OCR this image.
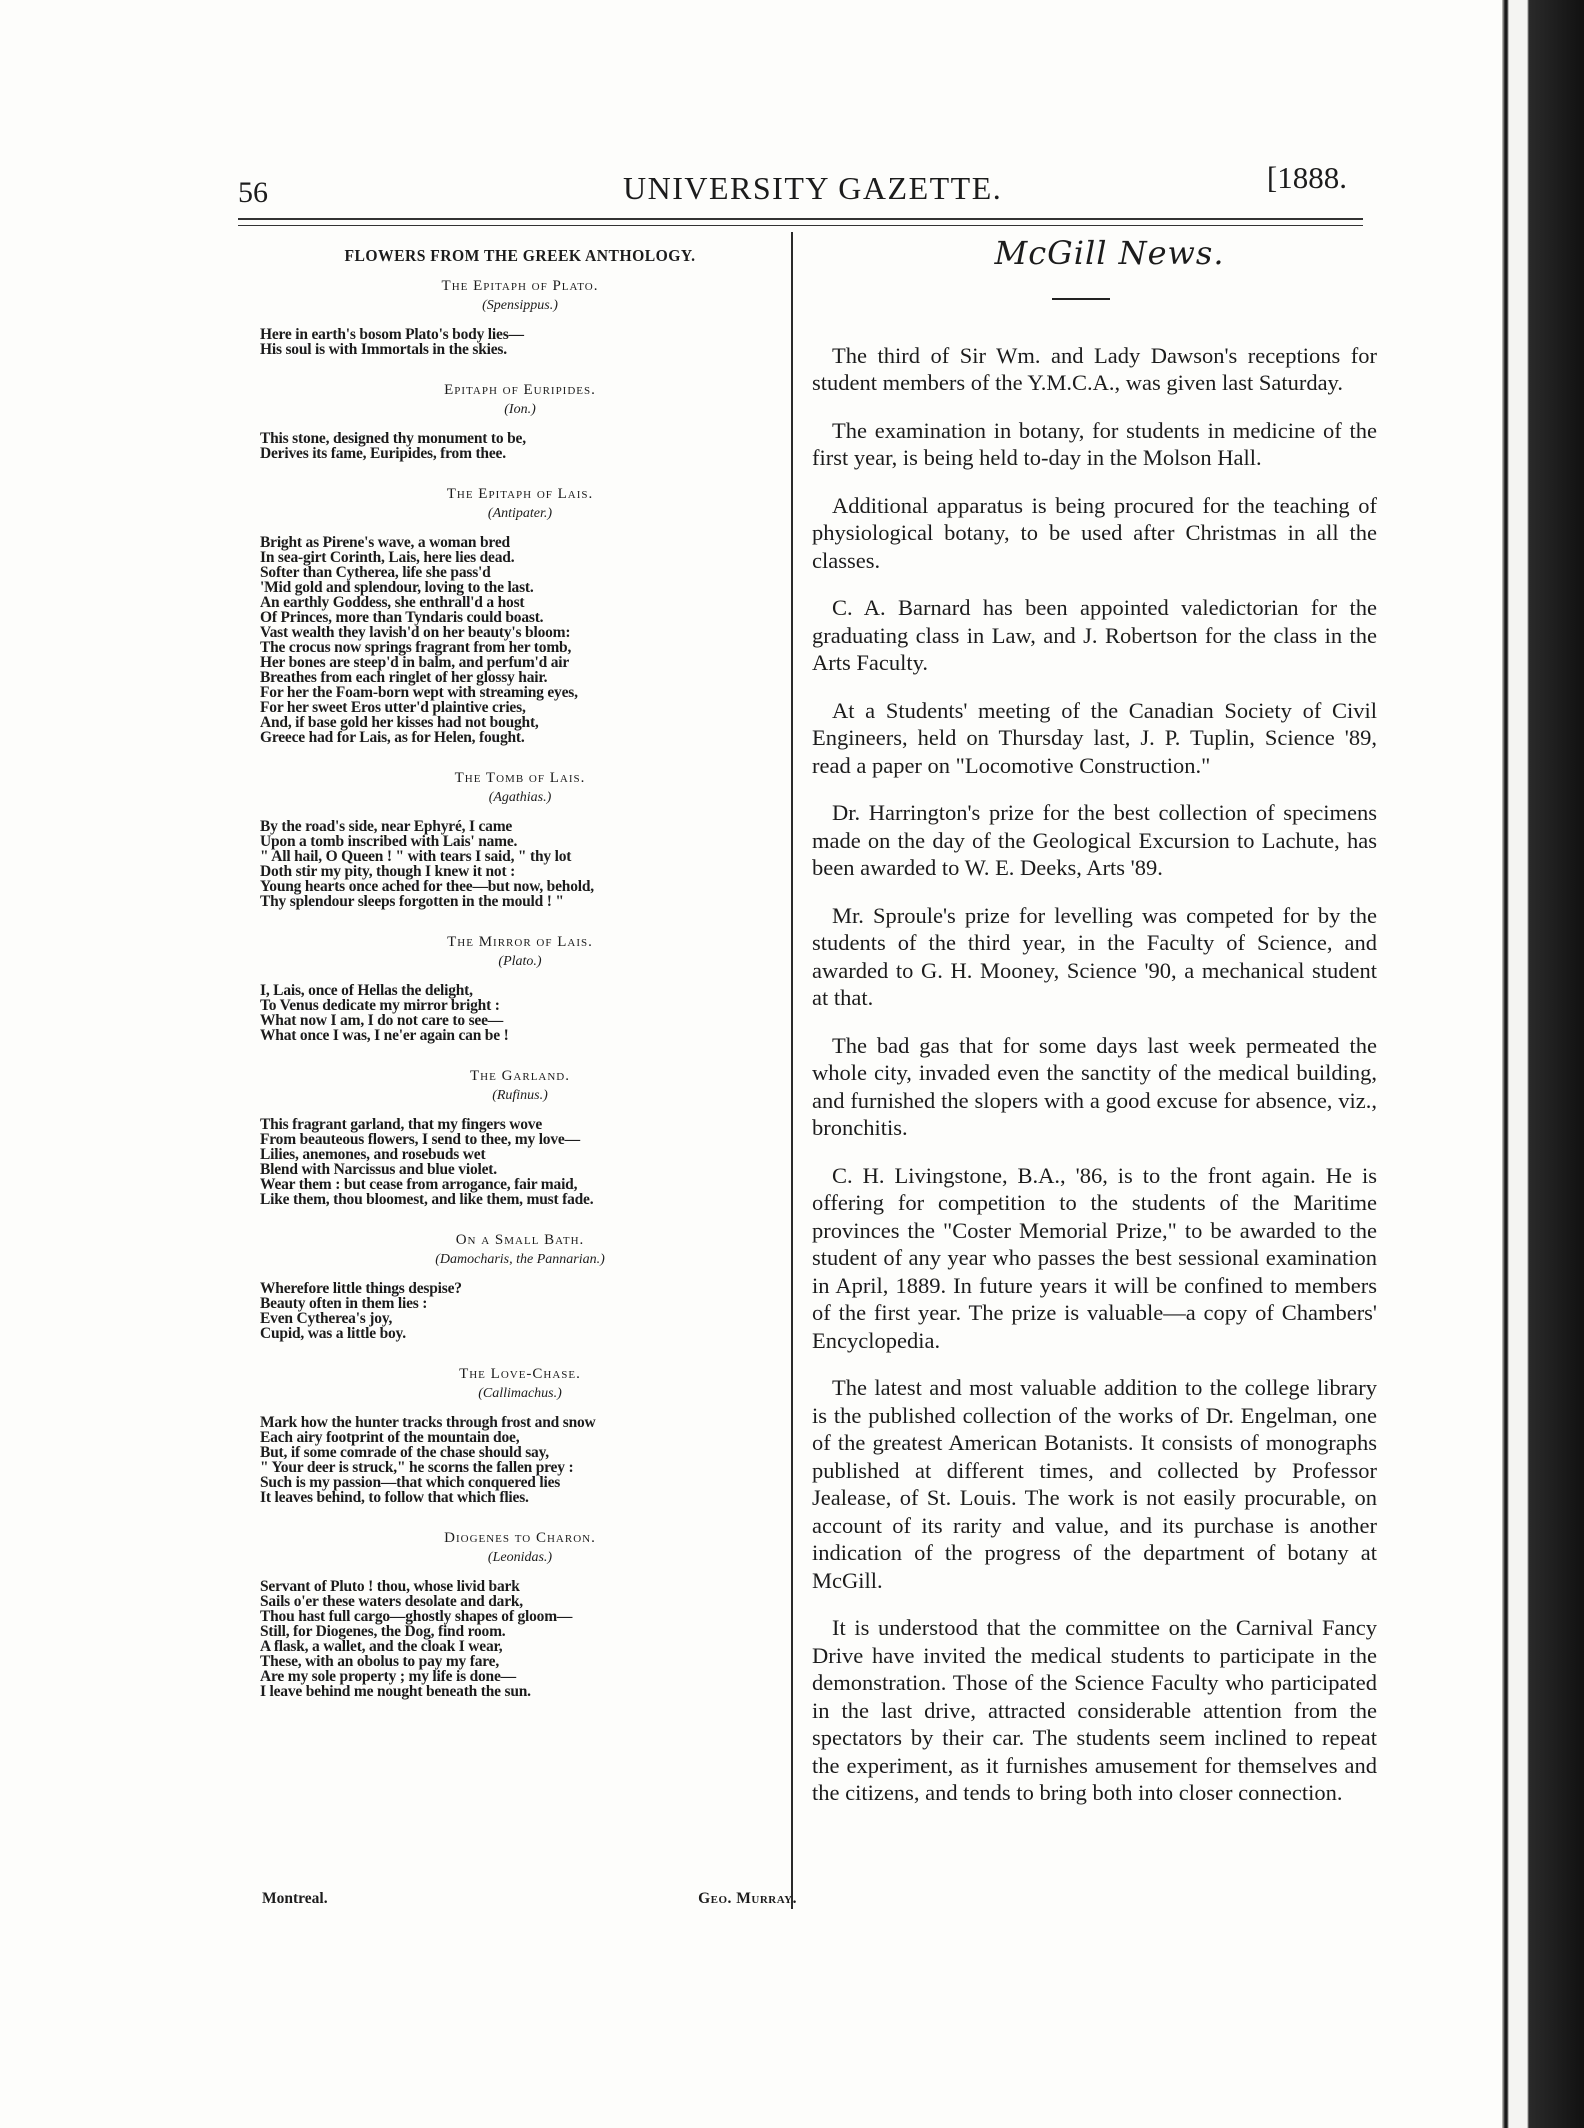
56	UNIVERSITY GAZETTE.	[1888.
FLOWERS FROM THE GREEK ANTHOLOGY.
The Epitaph of Plato.
(Spensippus.)
Here in earth's bosom Plato's body lies—
His soul is with Immortals in the skies.
Epitaph of Euripides.
(Ion.)
This stone, designed thy monument to be,
Derives its fame, Euripides, from thee.
The Epitaph of Lais.
(Antipater.)
Bright as Pirene's wave, a woman bred
In sea-girt Corinth, Lais, here lies dead.
Softer than Cytherea, life she pass'd
'Mid gold and splendour, loving to the last.
An earthly Goddess, she enthrall'd a host
Of Princes, more than Tyndaris could boast.
Vast wealth they lavish'd on her beauty's bloom:
The crocus now springs fragrant from her tomb,
Her bones are steep'd in balm, and perfum'd air
Breathes from each ringlet of her glossy hair.
For her the Foam-born wept with streaming eyes,
For her sweet Eros utter'd plaintive cries,
And, if base gold her kisses had not bought,
Greece had for Lais, as for Helen, fought.
The Tomb of Lais.
(Agathias.)
By the road's side, near Ephyré, I came
Upon a tomb inscribed with Lais' name.
" All hail, O Queen ! " with tears I said, " thy lot
Doth stir my pity, though I knew it not :
Young hearts once ached for thee—but now, behold,
Thy splendour sleeps forgotten in the mould ! "
The Mirror of Lais.
(Plato.)
I, Lais, once of Hellas the delight,
To Venus dedicate my mirror bright :
What now I am, I do not care to see—
What once I was, I ne'er again can be !
The Garland.
(Rufinus.)
This fragrant garland, that my fingers wove
From beauteous flowers, I send to thee, my love—
Lilies, anemones, and rosebuds wet
Blend with Narcissus and blue violet.
Wear them : but cease from arrogance, fair maid,
Like them, thou bloomest, and like them, must fade.
On a Small Bath.
(Damocharis, the Pannarian.)
Wherefore little things despise?
Beauty often in them lies :
Even Cytherea's joy,
Cupid, was a little boy.
The Love-Chase.
(Callimachus.)
Mark how the hunter tracks through frost and snow
Each airy footprint of the mountain doe,
But, if some comrade of the chase should say,
" Your deer is struck," he scorns the fallen prey :
Such is my passion—that which conquered lies
It leaves behind, to follow that which flies.
Diogenes to Charon.
(Leonidas.)
Servant of Pluto ! thou, whose livid bark
Sails o'er these waters desolate and dark,
Thou hast full cargo—ghostly shapes of gloom—
Still, for Diogenes, the Dog, find room.
A flask, a wallet, and the cloak I wear,
These, with an obolus to pay my fare,
Are my sole property ; my life is done—
I leave behind me nought beneath the sun.
Montreal.	Geo. Murray.
McGill News.

The third of Sir Wm. and Lady Dawson's receptions for student members of the Y.M.C.A., was given last Saturday.

The examination in botany, for students in medicine of the first year, is being held to-day in the Molson Hall.

Additional apparatus is being procured for the teaching of physiological botany, to be used after Christmas in all the classes.

C. A. Barnard has been appointed valedictorian for the graduating class in Law, and J. Robertson for the class in the Arts Faculty.

At a Students' meeting of the Canadian Society of Civil Engineers, held on Thursday last, J. P. Tuplin, Science '89, read a paper on "Locomotive Construction."

Dr. Harrington's prize for the best collection of specimens made on the day of the Geological Excursion to Lachute, has been awarded to W. E. Deeks, Arts '89.

Mr. Sproule's prize for levelling was competed for by the students of the third year, in the Faculty of Science, and awarded to G. H. Mooney, Science '90, a mechanical student at that.

The bad gas that for some days last week permeated the whole city, invaded even the sanctity of the medical building, and furnished the slopers with a good excuse for absence, viz., bronchitis.

C. H. Livingstone, B.A., '86, is to the front again. He is offering for competition to the students of the Maritime provinces the "Coster Memorial Prize," to be awarded to the student of any year who passes the best sessional examination in April, 1889. In future years it will be confined to members of the first year. The prize is valuable—a copy of Chambers' Encyclopedia.

The latest and most valuable addition to the college library is the published collection of the works of Dr. Engelman, one of the greatest American Botanists. It consists of monographs published at different times, and collected by Professor Jealease, of St. Louis. The work is not easily procurable, on account of its rarity and value, and its purchase is another indication of the progress of the department of botany at McGill.

It is understood that the committee on the Carnival Fancy Drive have invited the medical students to participate in the demonstration. Those of the Science Faculty who participated in the last drive, attracted considerable attention from the spectators by their car. The students seem inclined to repeat the experiment, as it furnishes amusement for themselves and the citizens, and tends to bring both into closer connection.
